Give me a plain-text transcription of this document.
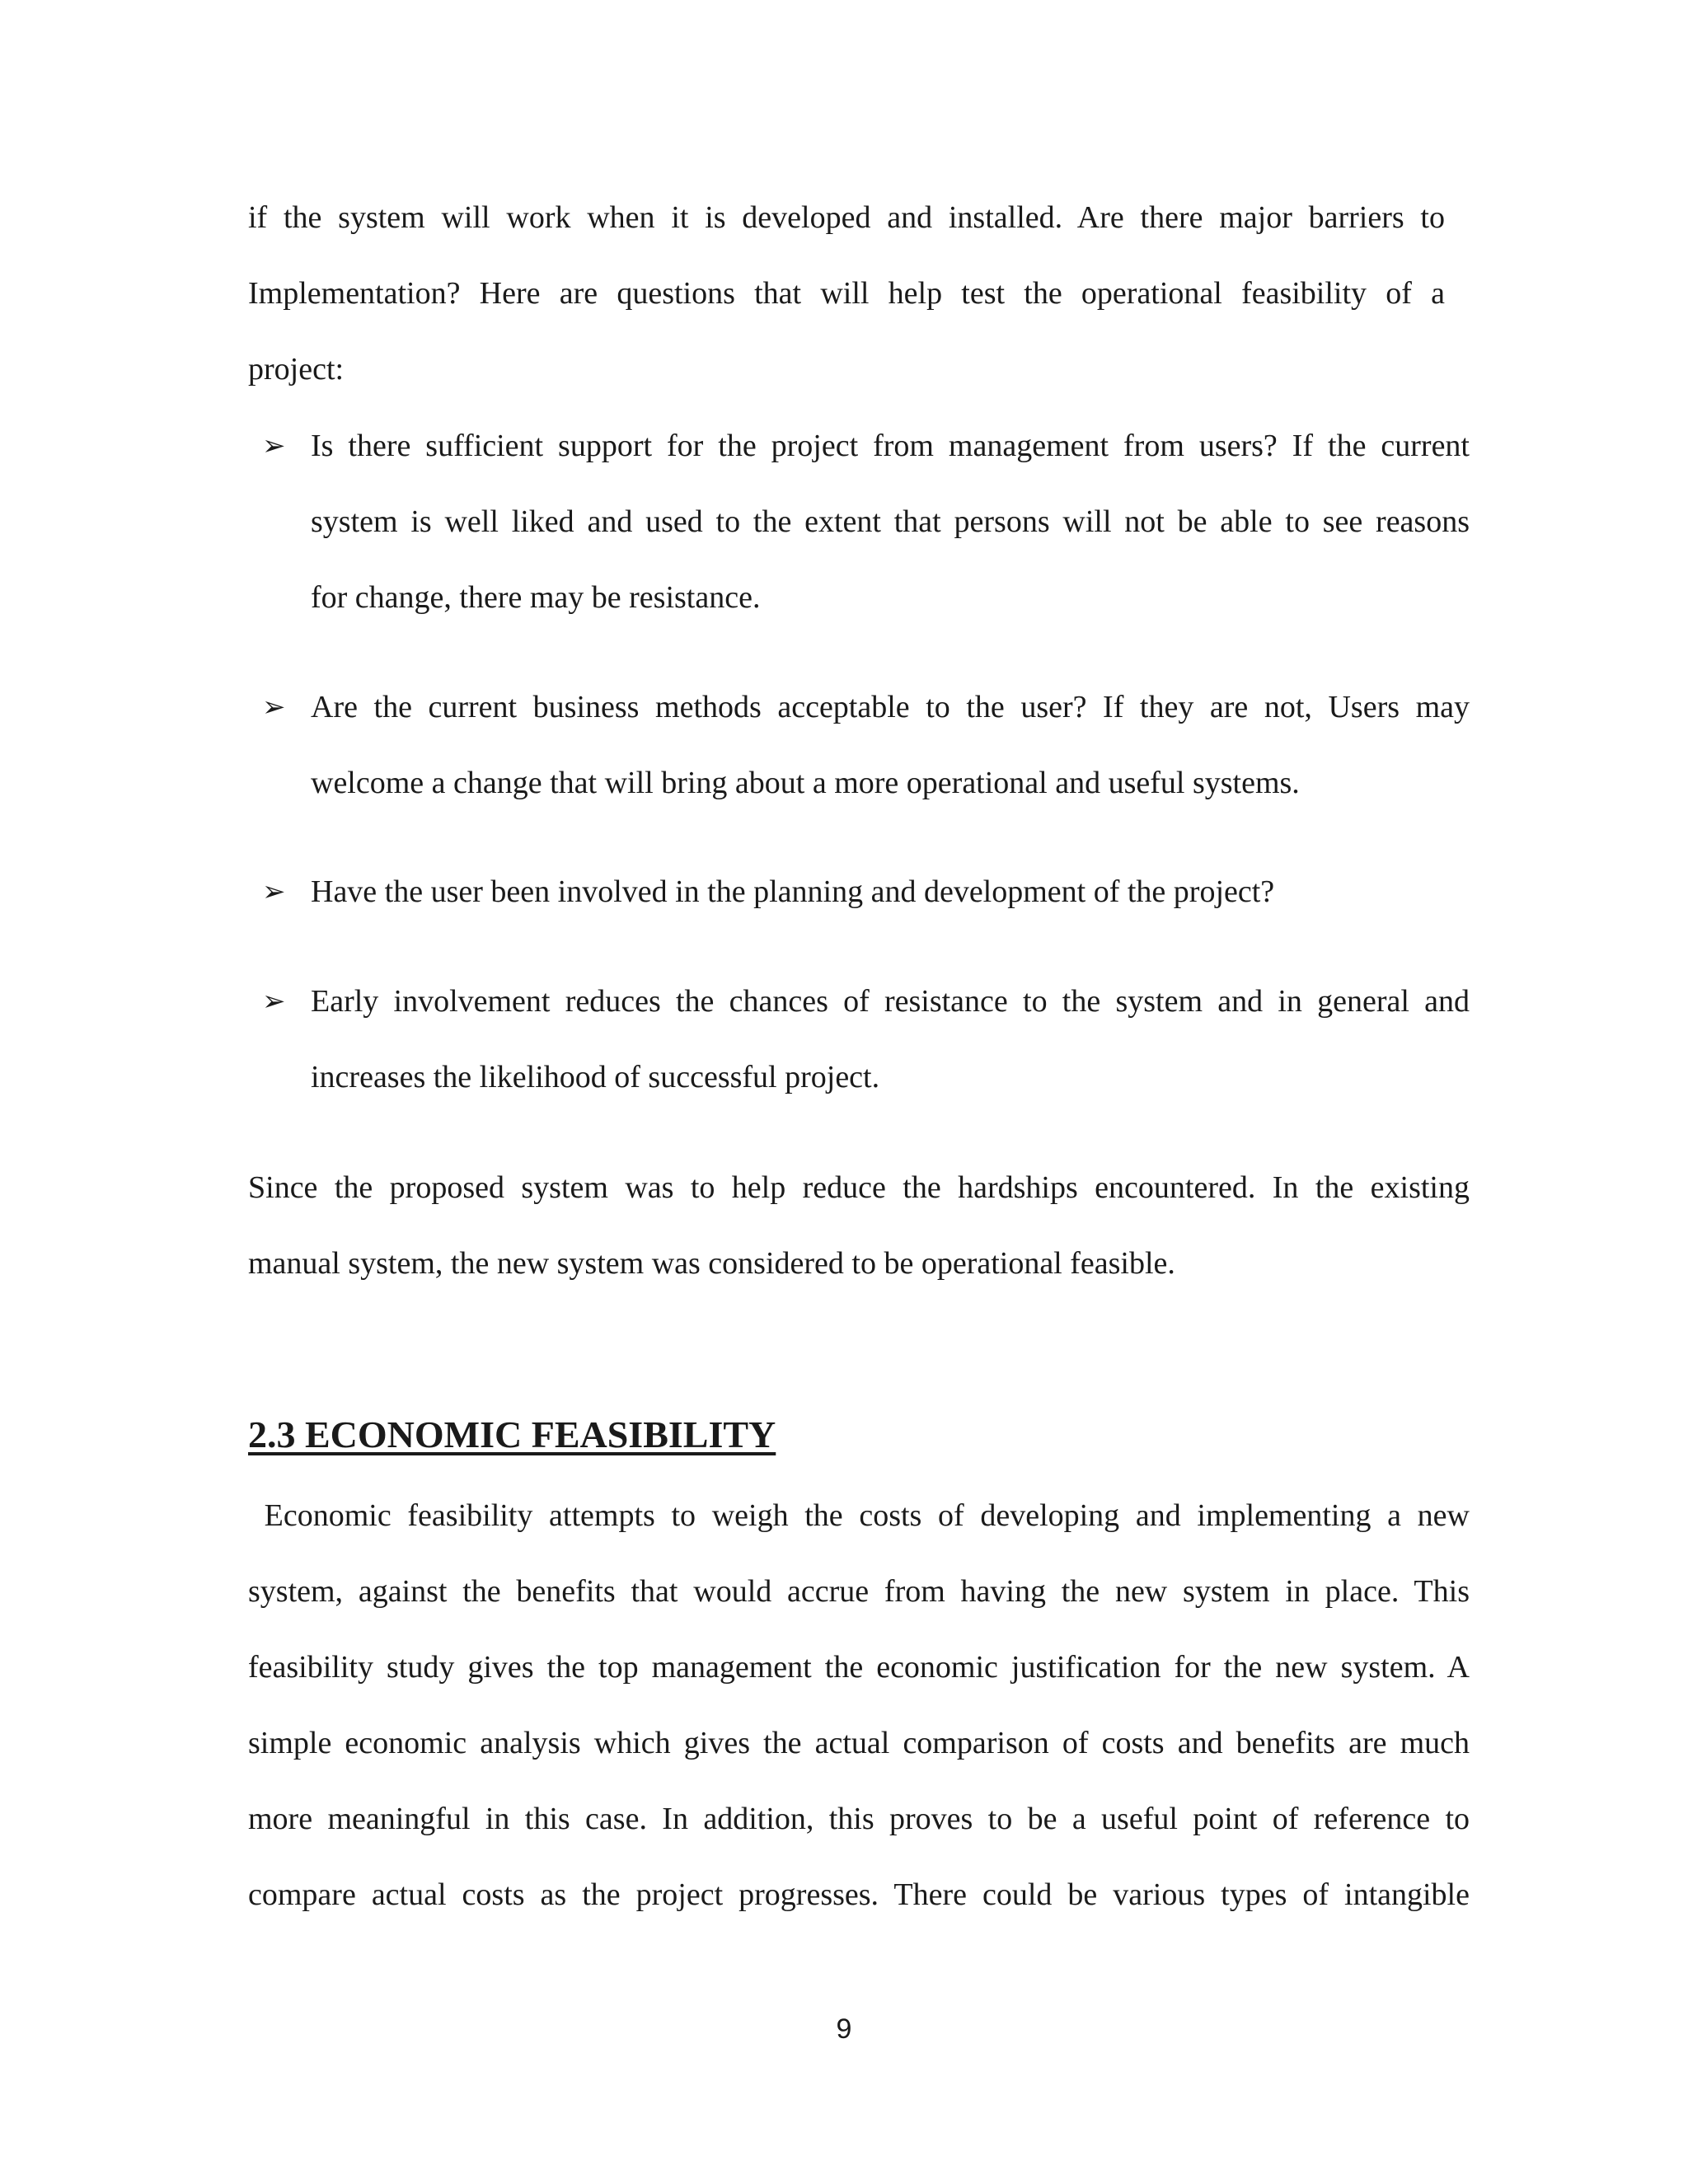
if the system will work when it is developed and installed. Are there major barriers to
Implementation? Here are questions that will help test the operational feasibility of a
project:
➢ Is there sufficient support for the project from management from users? If the current
system is well liked and used to the extent that persons will not be able to see reasons
for change, there may be resistance.
➢ Are the current business methods acceptable to the user? If they are not, Users may
welcome a change that will bring about a more operational and useful systems.
➢ Have the user been involved in the planning and development of the project?
➢ Early involvement reduces the chances of resistance to the system and in general and
increases the likelihood of successful project.
Since the proposed system was to help reduce the hardships encountered. In the existing
manual system, the new system was considered to be operational feasible.
2.3 ECONOMIC FEASIBILITY
Economic feasibility attempts to weigh the costs of developing and implementing a new
system, against the benefits that would accrue from having the new system in place. This
feasibility study gives the top management the economic justification for the new system. A
simple economic analysis which gives the actual comparison of costs and benefits are much
more meaningful in this case. In addition, this proves to be a useful point of reference to
compare actual costs as the project progresses. There could be various types of intangible
9
